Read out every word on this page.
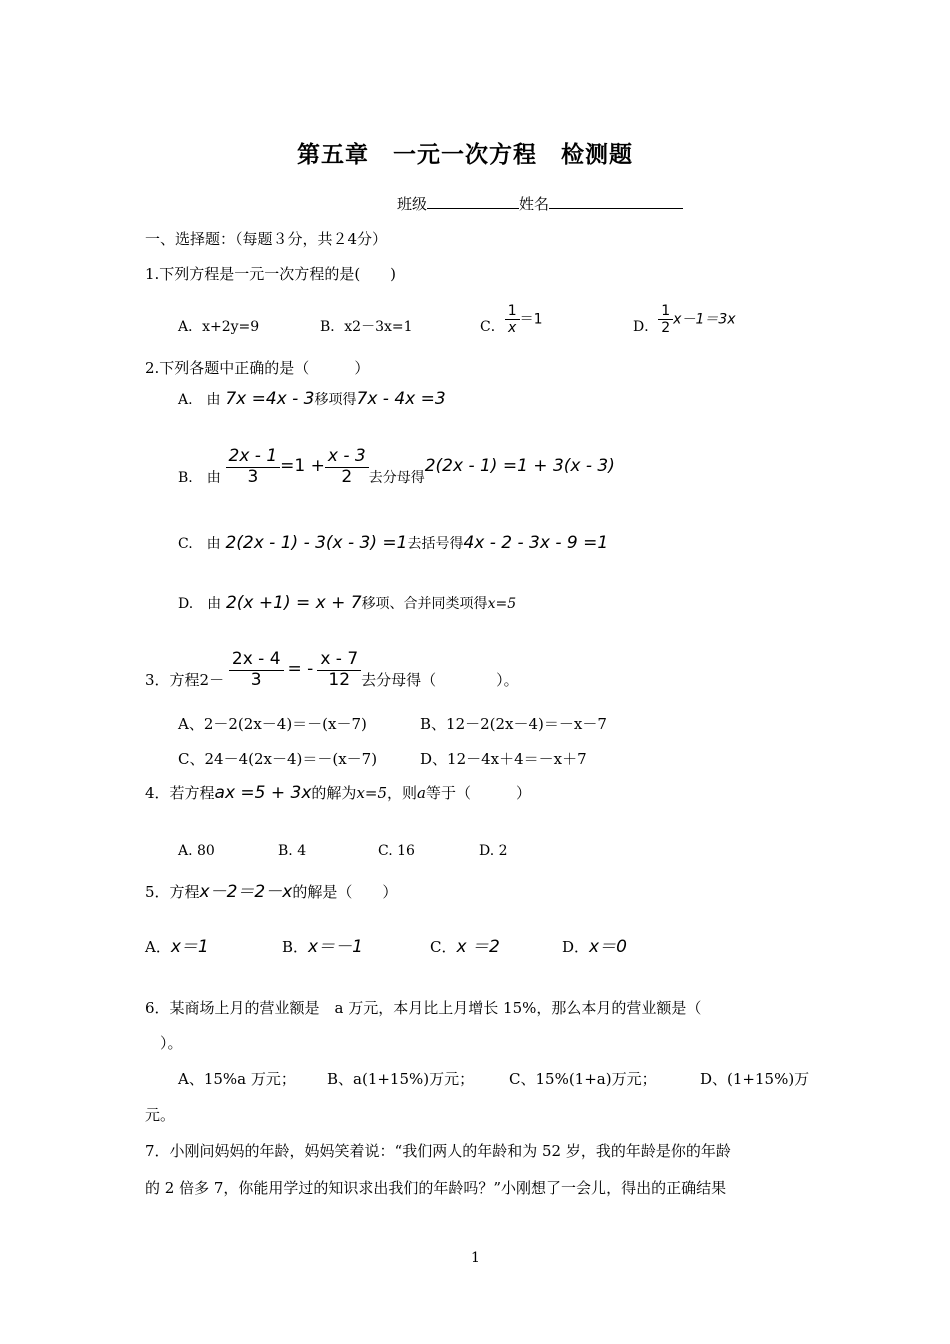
第五章　一元一次方程　检测题
班级	姓名
一、选择题：（每题３分，共２4分）
1.下列方程是一元一次方程的是(　　)
A．x+2y=9	B．x2－3x=1	C． $\frac{1}{x} =1$	D． $\frac{1}{2} x-1=3x$
2.下列各题中正确的是（　　　）
A.　由 7x =4x - 3移项得7x - 4x =3
B.　由 $\frac{2x - 1}{3} =1 + \frac{x - 3}{2}$ 去分母得2(2x - 1) =1 + 3(x - 3)
C.　由 2(2x - 1) - 3(x - 3) =1去括号得4x - 2 - 3x - 9 =1
D.　由 2(x +1) = x + 7移项、合并同类项得x=5
3．方程$2- \frac{2x - 4}{3}$ = - $\frac{x - 7}{12}$ 去分母得（　　　　）。
A、2－2(2x－4)＝－(x－7)	B、12－2(2x－4)＝－x－7
C、24－4(2x－4)＝－(x－7)	D、12－4x＋4＝－x＋7
4．若方程ax =5 + 3x的解为x=5，则a等于（　　　）
A. 80	B. 4	C. 16	D. 2
5．方程x－2＝2－x的解是（　　）
A．x＝1	B．x＝－1	C．x ＝2	D．x＝0
6．某商场上月的营业额是　a 万元，本月比上月增长 15%，那么本月的营业额是（
　）。
A、15%a 万元； B、a(1+15%)万元； C、15%(1+a)万元；	D、(1+15%)万
元。
7．小刚问妈妈的年龄，妈妈笑着说：“我们两人的年龄和为 52 岁，我的年龄是你的年龄
的 2 倍多 7，你能用学过的知识求出我们的年龄吗？”小刚想了一会儿，得出的正确结果
1
